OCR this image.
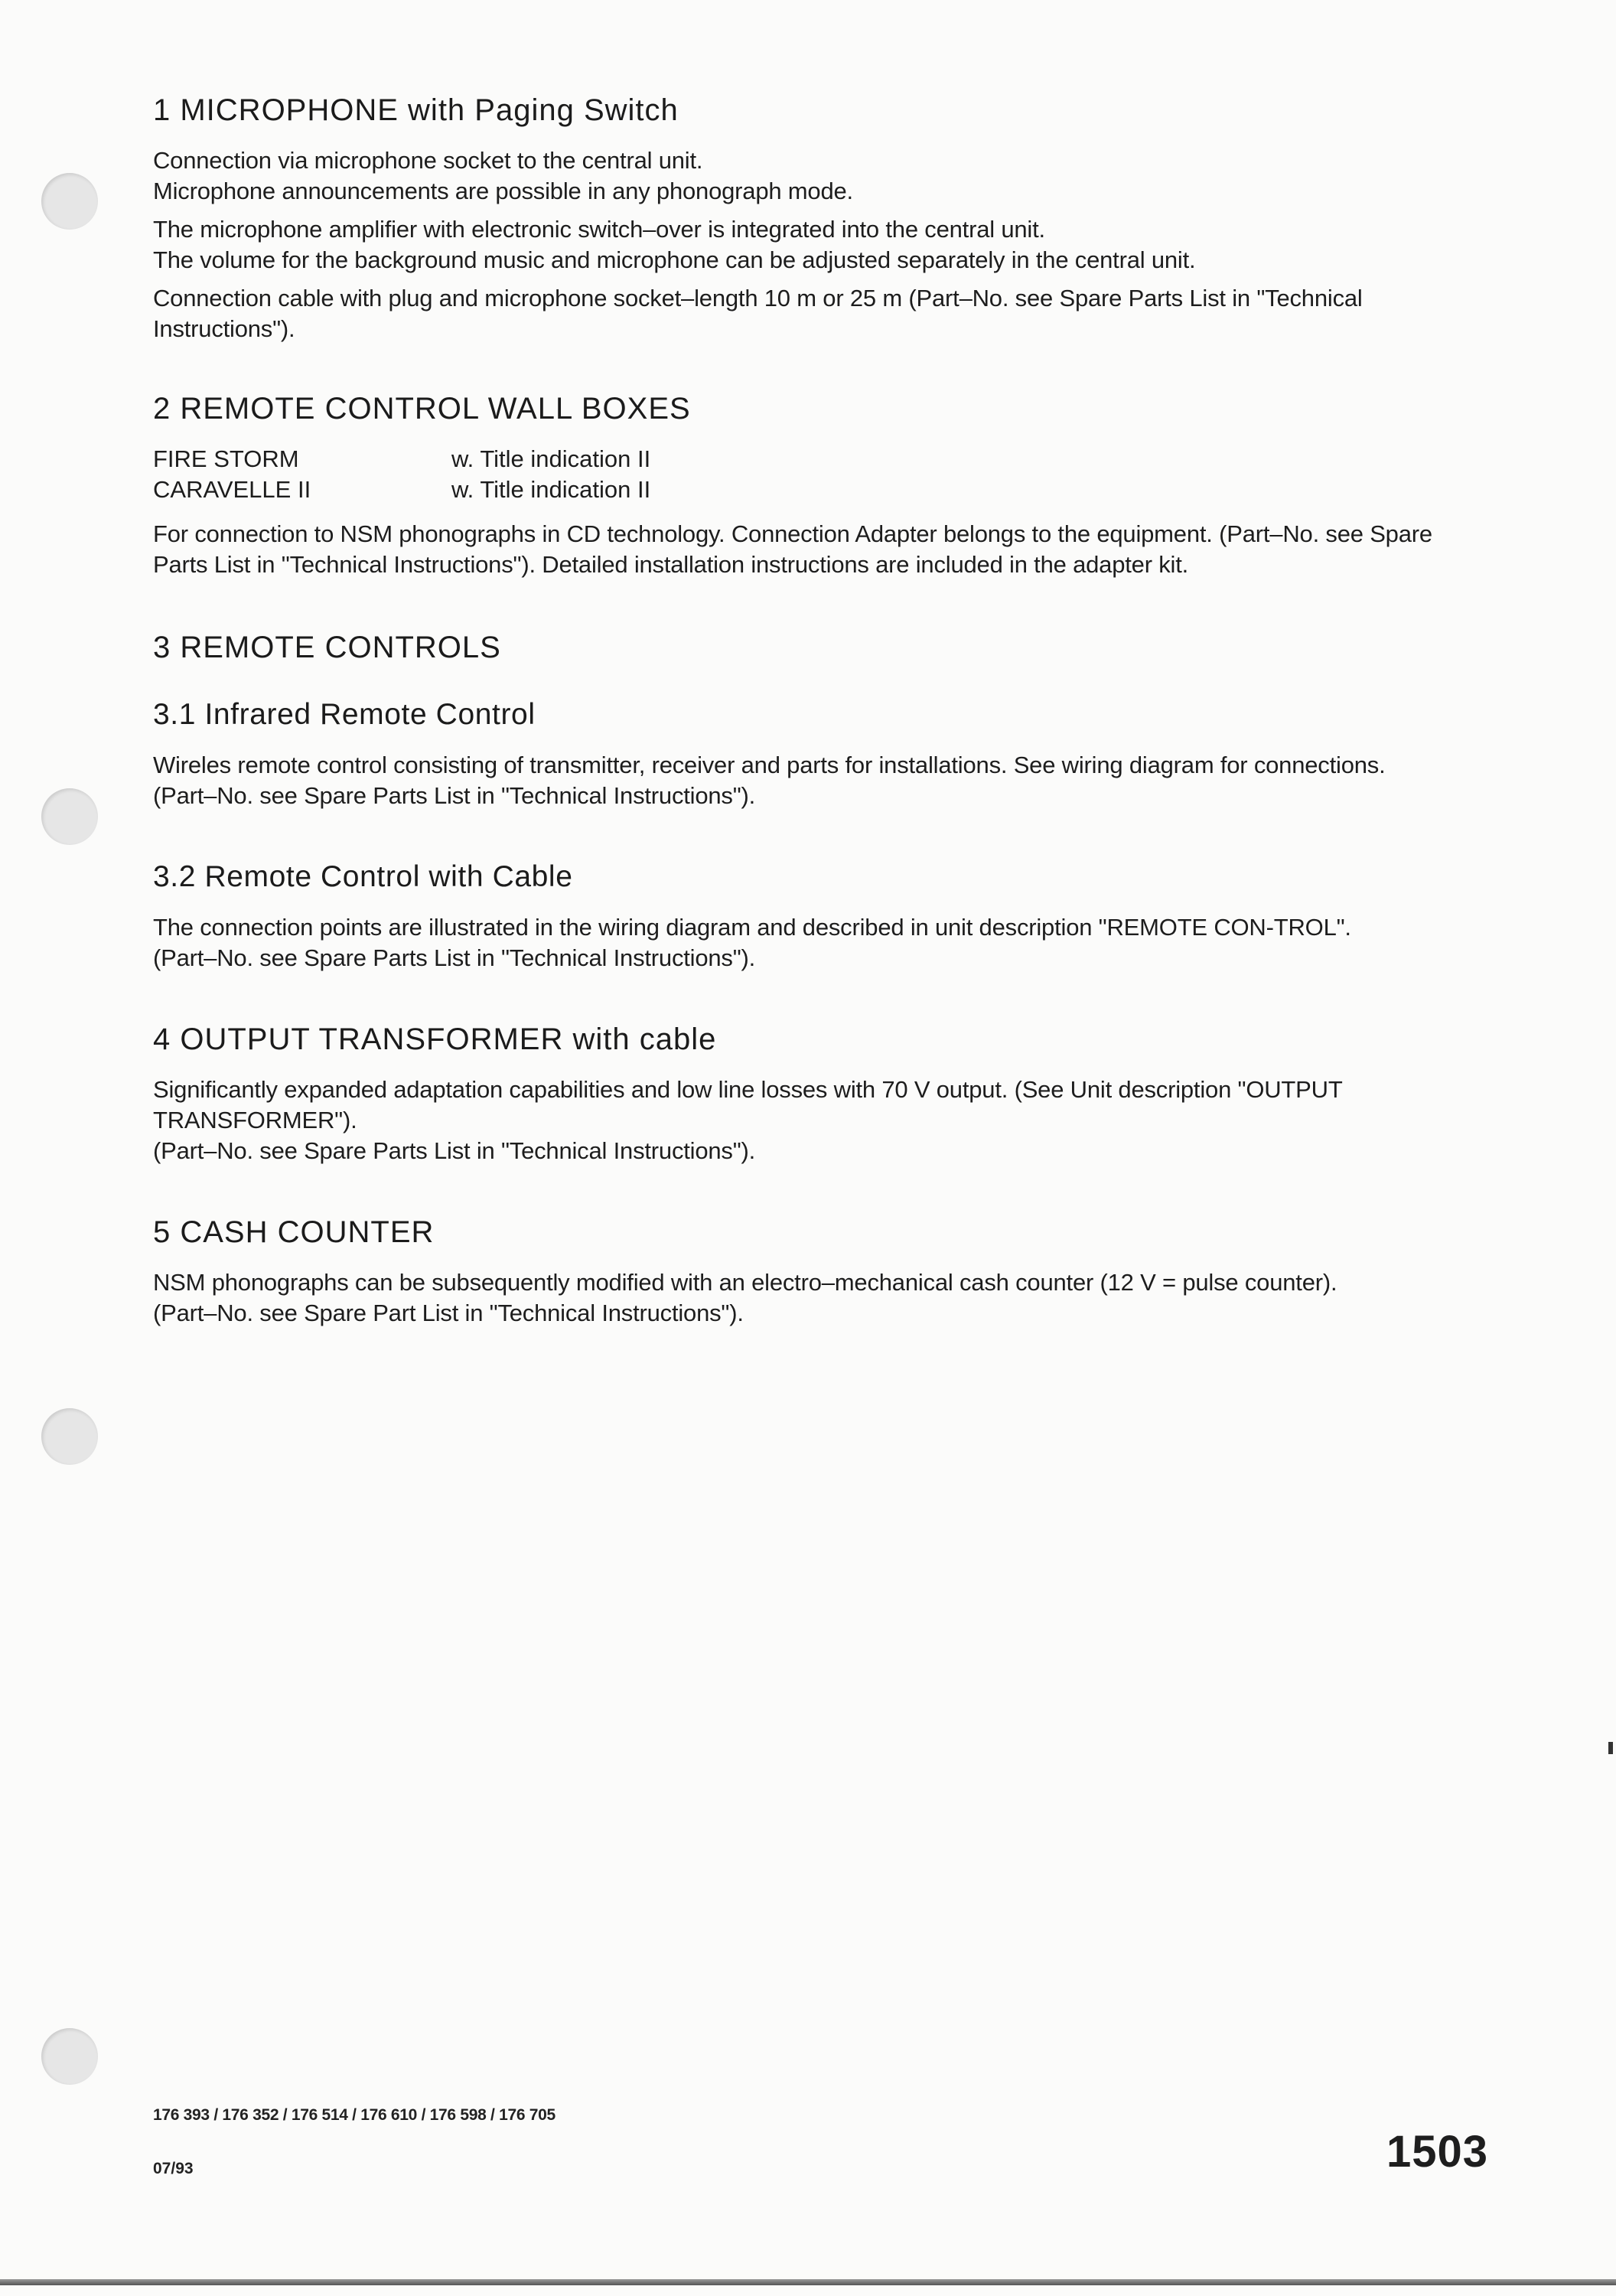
1 MICROPHONE with Paging Switch

Connection via microphone socket to the central unit.

Microphone announcements are possible in any phonograph mode.

The microphone amplifier with electronic switch–over is integrated into the central unit.

The volume for the background music and microphone can be adjusted separately in the central unit.

Connection cable with plug and microphone socket–length 10 m or 25 m (Part–No. see Spare Parts List in "Technical Instructions").

2 REMOTE CONTROL WALL BOXES
FIRE STORM	w. Title indication II
CARAVELLE II	w. Title indication II

For connection to NSM phonographs in CD technology. Connection Adapter belongs to the equipment. (Part–No. see Spare Parts List in "Technical Instructions"). Detailed installation instructions are included in the adapter kit.

3 REMOTE CONTROLS
3.1 Infrared Remote Control

Wireles remote control consisting of transmitter, receiver and parts for installations. See wiring diagram for connections.

(Part–No. see Spare Parts List in "Technical Instructions").

3.2 Remote Control with Cable

The connection points are illustrated in the wiring diagram and described in unit description "REMOTE CON-TROL".

(Part–No. see Spare Parts List in "Technical Instructions").

4 OUTPUT TRANSFORMER with cable

Significantly expanded adaptation capabilities and low line losses with 70 V output. (See Unit description "OUTPUT TRANSFORMER").

(Part–No. see Spare Parts List in "Technical Instructions").

5 CASH COUNTER

NSM phonographs can be subsequently modified with an electro–mechanical cash counter (12 V = pulse counter).

(Part–No. see Spare Part List in "Technical Instructions").

176 393 / 176 352 / 176 514 / 176 610 / 176 598 / 176 705
07/93	1503
